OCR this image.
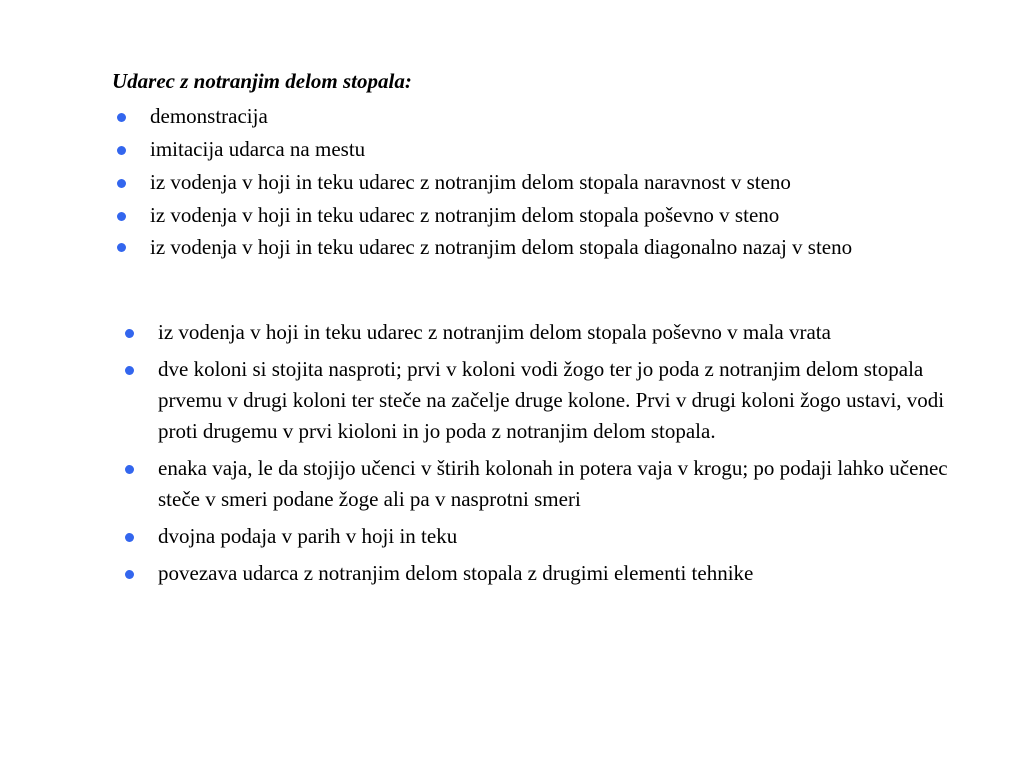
Udarec z notranjim delom stopala:

demonstracija
imitacija udarca na mestu
iz vodenja v hoji in teku udarec z notranjim delom stopala naravnost v steno
iz vodenja v hoji in teku udarec z notranjim delom stopala poševno v steno
iz vodenja v hoji in teku udarec z notranjim delom stopala diagonalno nazaj v steno
iz vodenja v hoji in teku udarec z notranjim delom stopala poševno v mala vrata
dve koloni si stojita nasproti; prvi v koloni vodi žogo ter jo poda z notranjim delom stopala prvemu v drugi koloni ter steče na začelje druge kolone. Prvi v drugi koloni žogo ustavi, vodi proti drugemu v prvi kioloni in jo poda z notranjim delom stopala.
enaka vaja, le da stojijo učenci v štirih kolonah in potera vaja v krogu; po podaji lahko učenec steče v smeri podane žoge ali pa v nasprotni smeri
dvojna podaja v parih v hoji in teku
povezava udarca z notranjim delom stopala z drugimi elementi tehnike
